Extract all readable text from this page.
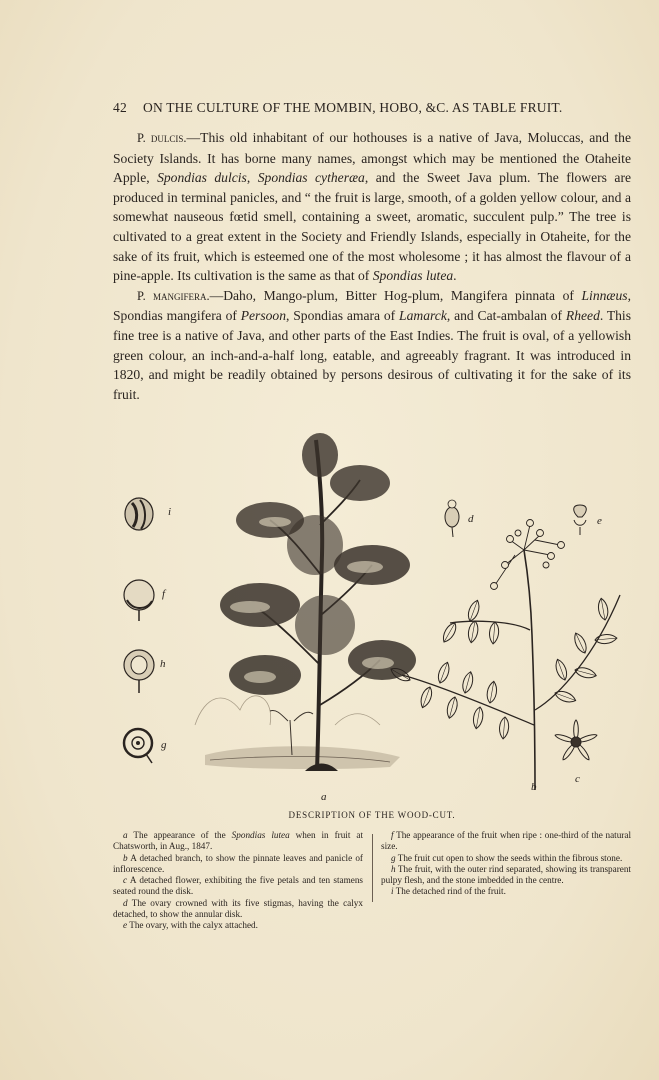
42 ON THE CULTURE OF THE MOMBIN, HOBO, &C. AS TABLE FRUIT.

P. dulcis.—This old inhabitant of our hothouses is a native of Java, Moluccas, and the Society Islands. It has borne many names, amongst which may be mentioned the Otaheite Apple, Spondias dulcis, Spondias cytheræa, and the Sweet Java plum. The flowers are produced in terminal panicles, and “ the fruit is large, smooth, of a golden yellow colour, and a somewhat nauseous fœtid smell, containing a sweet, aromatic, succulent pulp.” The tree is cultivated to a great extent in the Society and Friendly Islands, especially in Otaheite, for the sake of its fruit, which is esteemed one of the most wholesome ; it has almost the flavour of a pine-apple. Its cultivation is the same as that of Spondias lutea.

P. mangifera.—Daho, Mango-plum, Bitter Hog-plum, Mangifera pinnata of Linnæus, Spondias mangifera of Persoon, Spondias amara of Lamarck, and Cat-ambalan of Rheed. This fine tree is a native of Java, and other parts of the East Indies. The fruit is oval, of a yellowish green colour, an inch-and-a-half long, eatable, and agreeably fragrant. It was introduced in 1820, and might be readily obtained by persons desirous of cultivating it for the sake of its fruit.

i
f
h
g
d	e
a
b
c
DESCRIPTION OF THE WOOD-CUT.

a The appearance of the Spondias lutea when in fruit at Chatsworth, in Aug., 1847.

b A detached branch, to show the pinnate leaves and panicle of inflorescence.

c A detached flower, exhibiting the five petals and ten stamens seated round the disk.

d The ovary crowned with its five stigmas, having the calyx detached, to show the annular disk.

e The ovary, with the calyx attached.

f The appearance of the fruit when ripe : one-third of the natural size.

g The fruit cut open to show the seeds within the fibrous stone.

h The fruit, with the outer rind separated, showing its transparent pulpy flesh, and the stone imbedded in the centre.

i The detached rind of the fruit.
